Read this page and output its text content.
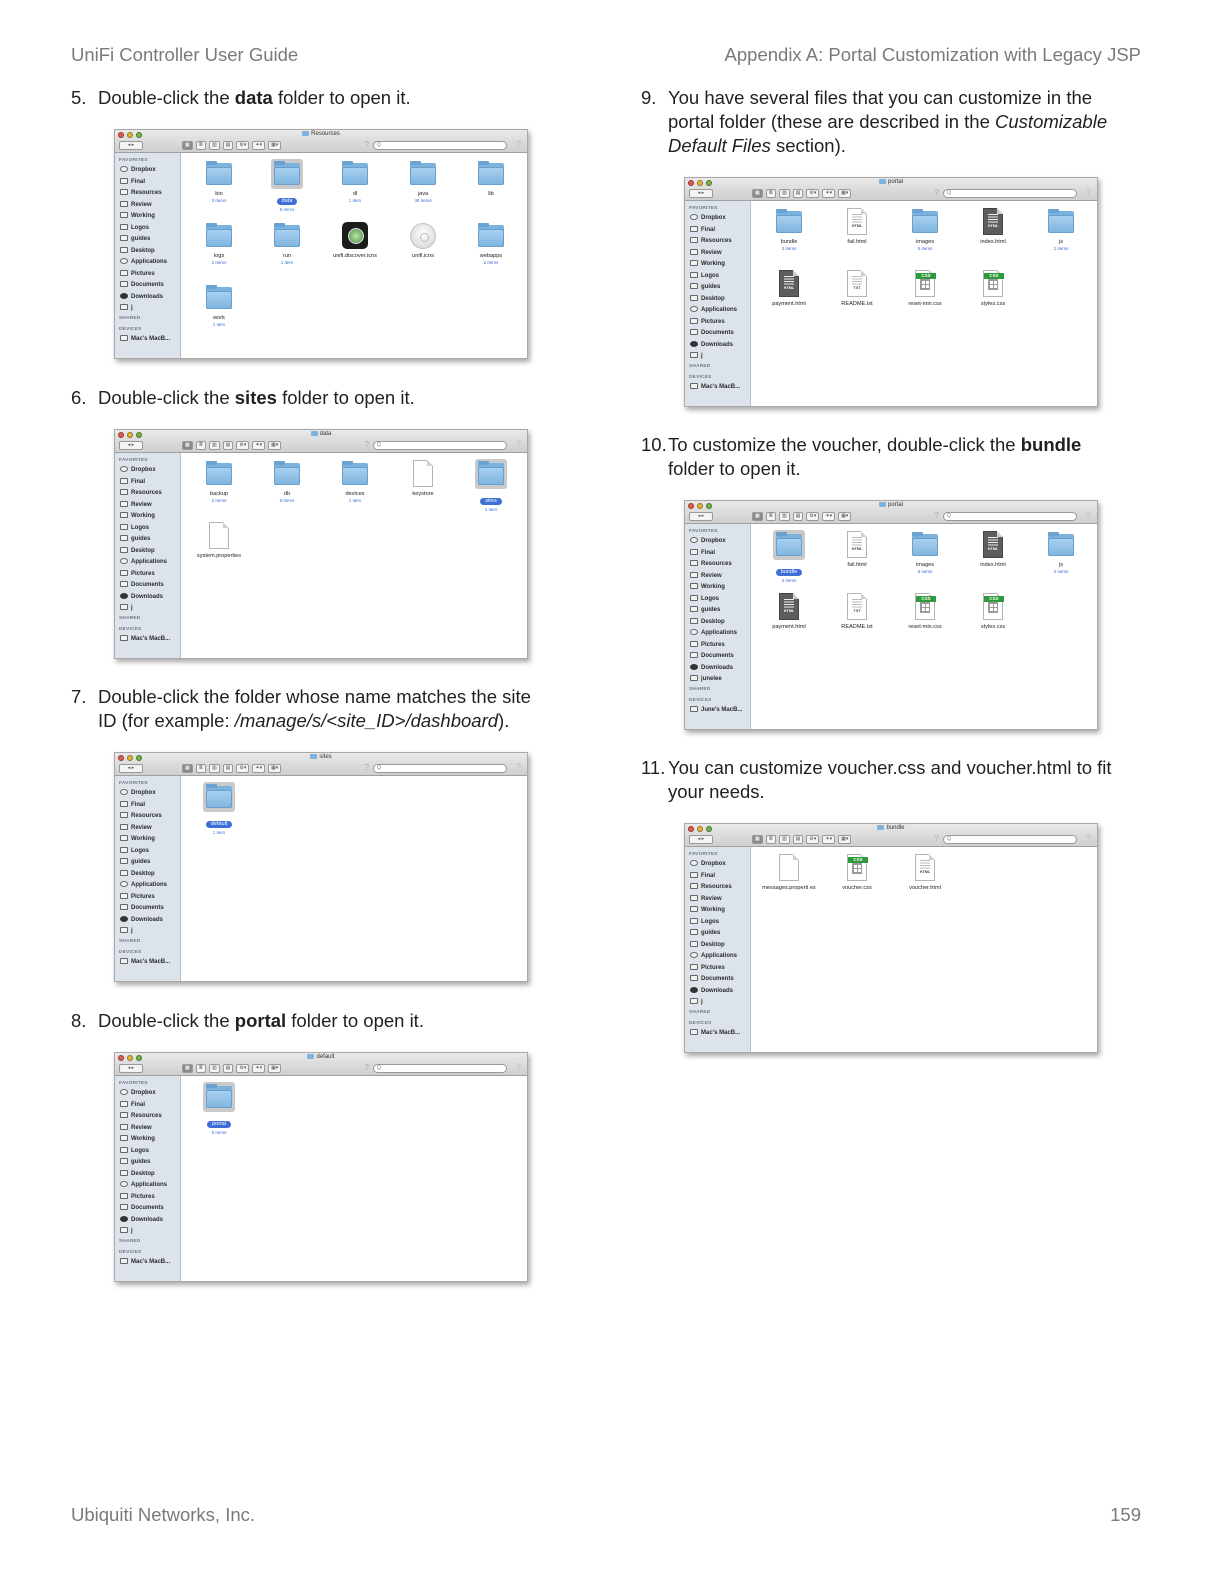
UniFi Controller User Guide	Appendix A: Portal Customization with Legacy JSP
5. Double-click the data folder to open it.
Resources
◂ ▸	▦	≣	▥	▤	⚙▾	✦▾	▦▾	?	Q	?
FAVORITES
Dropbox
Final
Resources
Review
Working
Logos
guides
Desktop
Applications
Pictures
Documents
Downloads
j
SHARED
DEVICES
Mac's MacB...
bin
3 items	data
6 items
dl
1 item
java
48 items
lib
logs
2 items
run
1 item
unifi.discover.icns	unifi.icns	webapps
2 items
work
1 item
6. Double-click the sites folder to open it.
data
◂ ▸	▦	≣	▥	▤	⚙▾	✦▾	▦▾	?	Q	?
FAVORITES
Dropbox
Final
Resources
Review
Working
Logos
guides
Desktop
Applications
Pictures
Documents
Downloads
j
SHARED
DEVICES
Mac's MacB...
backup
2 items
db
5 items
devices
1 item
keystore
sites
1 item
system.properties
7. Double-click the folder whose name matches the site
ID (for example: /manage/s/<site_ID>/dashboard).
sites
◂ ▸	▦	≣	▥	▤	⚙▾	✦▾	▦▾	?	Q	?
FAVORITES
Dropbox
Final
Resources
Review
Working
Logos
guides
Desktop
Applications
Pictures
Documents
Downloads
j
SHARED
DEVICES
Mac's MacB...
default
1 item
8. Double-click the portal folder to open it.
default
◂ ▸	▦	≣	▥	▤	⚙▾	✦▾	▦▾	?	Q	?
FAVORITES
Dropbox
Final
Resources
Review
Working
Logos
guides
Desktop
Applications
Pictures
Documents
Downloads
j
SHARED
DEVICES
Mac's MacB...
portal
9 items
9. You have several files that you can customize in the
portal folder (these are described in the Customizable
Default Files section).
portal
◂ ▸	▦	≣	▥	▤	⚙▾	✦▾	▦▾	?	Q	?
FAVORITES
Dropbox
Final
Resources
Review
Working
Logos
guides
Desktop
Applications
Pictures
Documents
Downloads
j
SHARED
DEVICES
Mac's MacB...
bundle
3 items
HTML
fail.html	images
5 items
HTML
index.html	js
2 items
HTML
payment.html
TXT
README.txt
CSS
reset-min.css
CSS
styles.css
10. To customize the voucher, double-click the bundle
folder to open it.
portal
◂ ▸	▦	≣	▥	▤	⚙▾	✦▾	▦▾	?	Q	?
FAVORITES
Dropbox
Final
Resources
Review
Working
Logos
guides
Desktop
Applications
Pictures
Documents
Downloads
junelee
SHARED
DEVICES
June's MacB...
bundle
3 items
HTML
fail.html	images
5 items
HTML
index.html	js
2 items
HTML
payment.html
TXT
README.txt
CSS
reset-min.css
CSS
styles.css
11. You can customize voucher.css and voucher.html to fit
your needs.
bundle
◂ ▸	▦	≣	▥	▤	⚙▾	✦▾	▦▾	?	Q	?
FAVORITES
Dropbox
Final
Resources
Review
Working
Logos
guides
Desktop
Applications
Pictures
Documents
Downloads
j
SHARED
DEVICES
Mac's MacB...
messages.properti es
CSS
voucher.css
HTML
voucher.html
Ubiquiti Networks, Inc.	159
